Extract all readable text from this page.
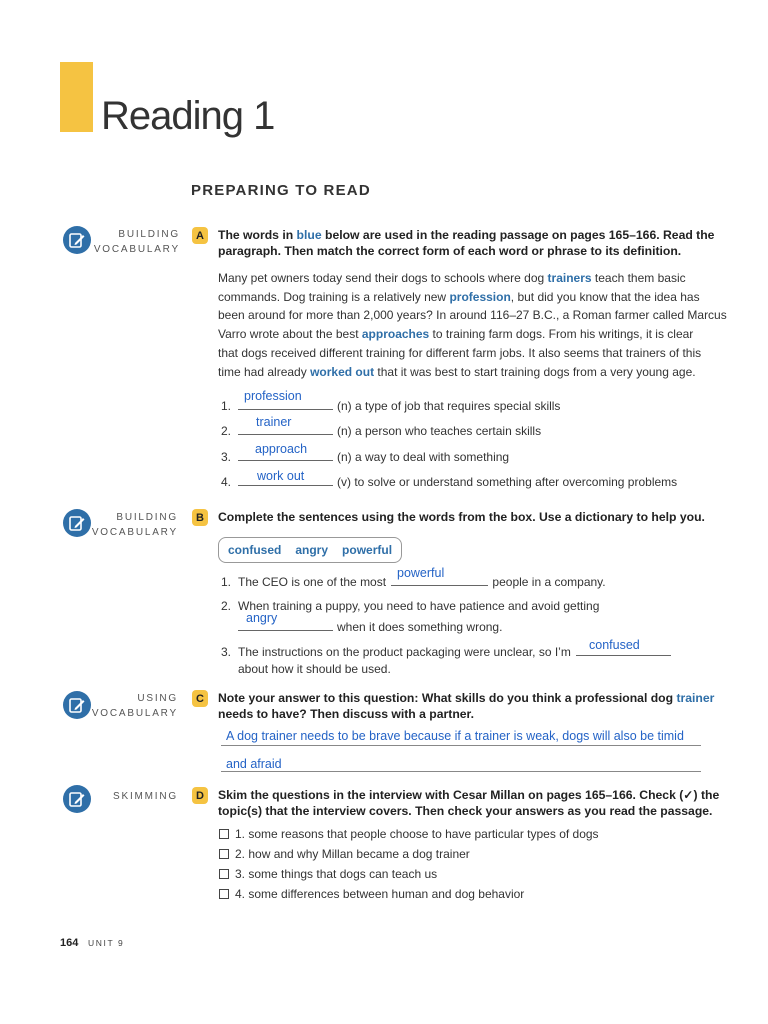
Reading 1
PREPARING TO READ
BUILDING
VOCABULARY
A	The words in blue below are used in the reading passage on pages 165–166. Read the
paragraph. Then match the correct form of each word or phrase to its definition.
Many pet owners today send their dogs to schools where dog trainers teach them basic
commands. Dog training is a relatively new profession, but did you know that the idea has
been around for more than 2,000 years? In around 116–27 B.C., a Roman farmer called Marcus
Varro wrote about the best approaches to training farm dogs. From his writings, it is clear
that dogs received different training for different farm jobs. It also seems that trainers of this
time had already worked out that it was best to start training dogs from a very young age.
1.	(n) a type of job that requires special skills
profession
2.	(n) a person who teaches certain skills
trainer
3.	(n) a way to deal with something
approach
4.	(v) to solve or understand something after overcoming problems
work out
BUILDING
VOCABULARY
B	Complete the sentences using the words from the box. Use a dictionary to help you.
confused angry powerful
1. The CEO is one of the most	people in a company.
powerful
2. When training a puppy, you need to have patience and avoid getting
when it does something wrong.
angry
3. The instructions on the product packaging were unclear, so I’m
about how it should be used.
confused
USING
VOCABULARY
C	Note your answer to this question: What skills do you think a professional dog trainer
needs to have? Then discuss with a partner.
A dog trainer needs to be brave because if a trainer is weak, dogs will also be timid
and afraid
SKIMMING	D	Skim the questions in the interview with Cesar Millan on pages 165–166. Check (✓) the
topic(s) that the interview covers. Then check your answers as you read the passage.
1. some reasons that people choose to have particular types of dogs
2. how and why Millan became a dog trainer
3. some things that dogs can teach us
4. some differences between human and dog behavior
164 UNIT 9
